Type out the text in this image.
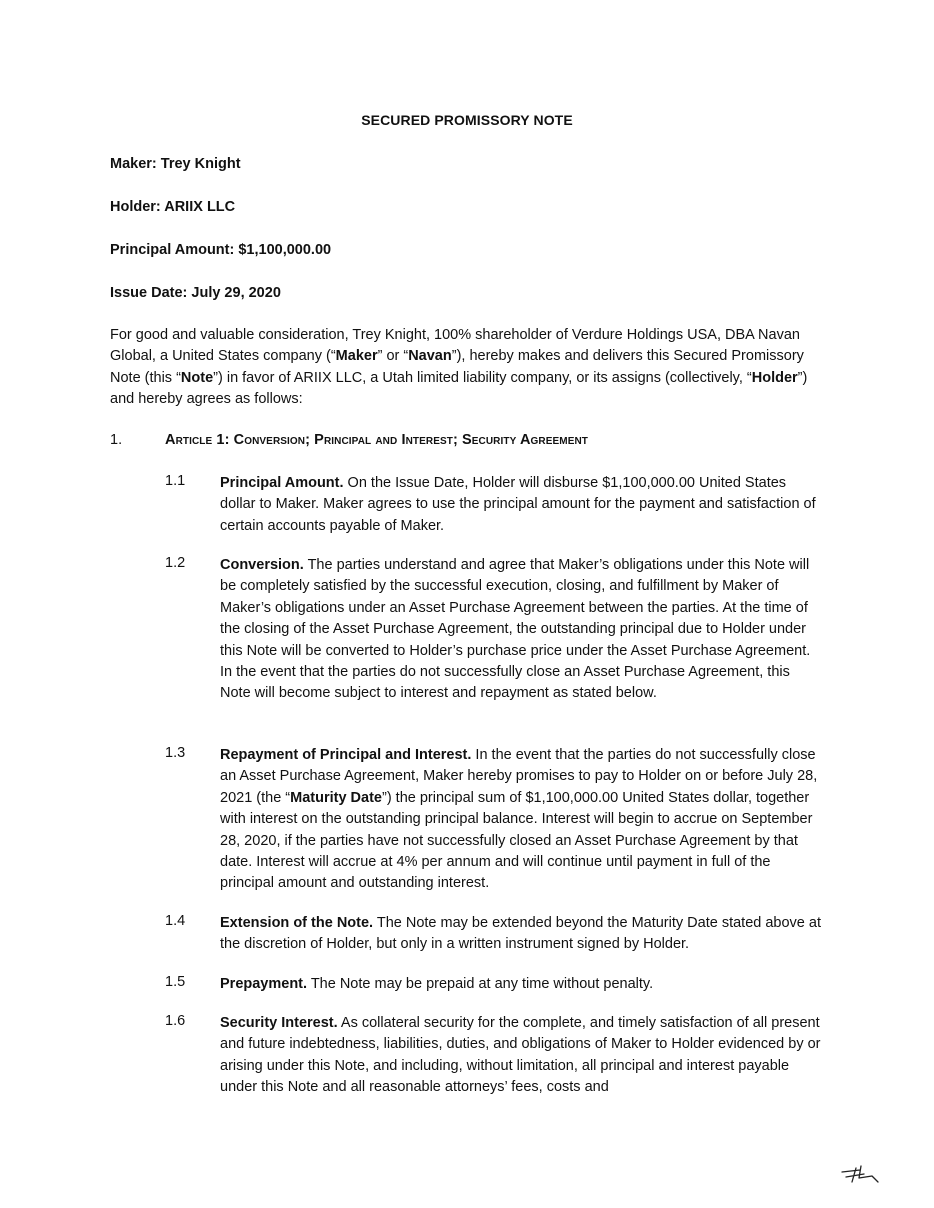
SECURED PROMISSORY NOTE
Maker: Trey Knight
Holder: ARIIX LLC
Principal Amount: $1,100,000.00
Issue Date: July 29, 2020
For good and valuable consideration, Trey Knight, 100% shareholder of Verdure Holdings USA, DBA Navan Global, a United States company (“Maker” or “Navan”), hereby makes and delivers this Secured Promissory Note (this “Note”) in favor of ARIIX LLC, a Utah limited liability company, or its assigns (collectively, “Holder”) and hereby agrees as follows:
1.	Article 1: Conversion; Principal and Interest; Security Agreement
1.1 Principal Amount. On the Issue Date, Holder will disburse $1,100,000.00 United States dollar to Maker. Maker agrees to use the principal amount for the payment and satisfaction of certain accounts payable of Maker.
1.2 Conversion. The parties understand and agree that Maker’s obligations under this Note will be completely satisfied by the successful execution, closing, and fulfillment by Maker of Maker’s obligations under an Asset Purchase Agreement between the parties. At the time of the closing of the Asset Purchase Agreement, the outstanding principal due to Holder under this Note will be converted to Holder’s purchase price under the Asset Purchase Agreement. In the event that the parties do not successfully close an Asset Purchase Agreement, this Note will become subject to interest and repayment as stated below.
1.3 Repayment of Principal and Interest. In the event that the parties do not successfully close an Asset Purchase Agreement, Maker hereby promises to pay to Holder on or before July 28, 2021 (the “Maturity Date”) the principal sum of $1,100,000.00 United States dollar, together with interest on the outstanding principal balance. Interest will begin to accrue on September 28, 2020, if the parties have not successfully closed an Asset Purchase Agreement by that date. Interest will accrue at 4% per annum and will continue until payment in full of the principal amount and outstanding interest.
1.4 Extension of the Note. The Note may be extended beyond the Maturity Date stated above at the discretion of Holder, but only in a written instrument signed by Holder.
1.5 Prepayment. The Note may be prepaid at any time without penalty.
1.6 Security Interest. As collateral security for the complete, and timely satisfaction of all present and future indebtedness, liabilities, duties, and obligations of Maker to Holder evidenced by or arising under this Note, and including, without limitation, all principal and interest payable under this Note and all reasonable attorneys’ fees, costs and
